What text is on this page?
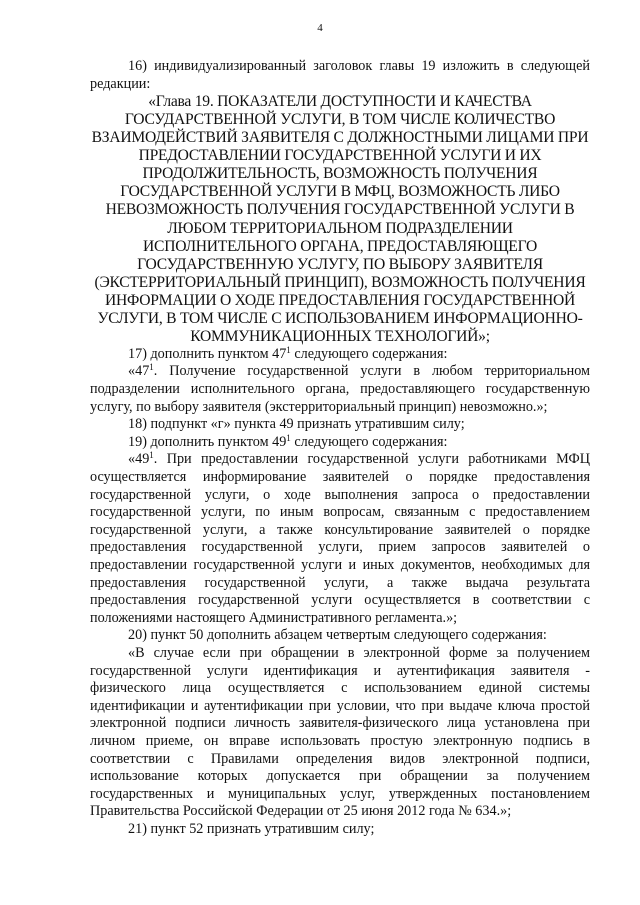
4

16) индивидуализированный заголовок главы 19 изложить в следующей редакции:

«Глава 19. ПОКАЗАТЕЛИ ДОСТУПНОСТИ И КАЧЕСТВА
ГОСУДАРСТВЕННОЙ УСЛУГИ, В ТОМ ЧИСЛЕ КОЛИЧЕСТВО
ВЗАИМОДЕЙСТВИЙ ЗАЯВИТЕЛЯ С ДОЛЖНОСТНЫМИ ЛИЦАМИ ПРИ
ПРЕДОСТАВЛЕНИИ ГОСУДАРСТВЕННОЙ УСЛУГИ И ИХ
ПРОДОЛЖИТЕЛЬНОСТЬ, ВОЗМОЖНОСТЬ ПОЛУЧЕНИЯ
ГОСУДАРСТВЕННОЙ УСЛУГИ В МФЦ, ВОЗМОЖНОСТЬ ЛИБО
НЕВОЗМОЖНОСТЬ ПОЛУЧЕНИЯ ГОСУДАРСТВЕННОЙ УСЛУГИ В
ЛЮБОМ ТЕРРИТОРИАЛЬНОМ ПОДРАЗДЕЛЕНИИ
ИСПОЛНИТЕЛЬНОГО ОРГАНА, ПРЕДОСТАВЛЯЮЩЕГО
ГОСУДАРСТВЕННУЮ УСЛУГУ, ПО ВЫБОРУ ЗАЯВИТЕЛЯ
(ЭКСТЕРРИТОРИАЛЬНЫЙ ПРИНЦИП), ВОЗМОЖНОСТЬ ПОЛУЧЕНИЯ
ИНФОРМАЦИИ О ХОДЕ ПРЕДОСТАВЛЕНИЯ ГОСУДАРСТВЕННОЙ
УСЛУГИ, В ТОМ ЧИСЛЕ С ИСПОЛЬЗОВАНИЕМ ИНФОРМАЦИОННО-
КОММУНИКАЦИОННЫХ ТЕХНОЛОГИЙ»;

17) дополнить пунктом $47^1$ следующего содержания:

«$47^1$. Получение государственной услуги в любом территориальном подразделении исполнительного органа, предоставляющего государственную услугу, по выбору заявителя (экстерриториальный принцип) невозможно.»;

18) подпункт «г» пункта 49 признать утратившим силу;

19) дополнить пунктом $49^1$ следующего содержания:

«$49^1$. При предоставлении государственной услуги работниками МФЦ осуществляется информирование заявителей о порядке предоставления государственной услуги, о ходе выполнения запроса о предоставлении государственной услуги, по иным вопросам, связанным с предоставлением государственной услуги, а также консультирование заявителей о порядке предоставления государственной услуги, прием запросов заявителей о предоставлении государственной услуги и иных документов, необходимых для предоставления государственной услуги, а также выдача результата предоставления государственной услуги осуществляется в соответствии с положениями настоящего Административного регламента.»;

20) пункт 50 дополнить абзацем четвертым следующего содержания:

«В случае если при обращении в электронной форме за получением государственной услуги идентификация и аутентификация заявителя - физического лица осуществляется с использованием единой системы идентификации и аутентификации при условии, что при выдаче ключа простой электронной подписи личность заявителя-физического лица установлена при личном приеме, он вправе использовать простую электронную подпись в соответствии с Правилами определения видов электронной подписи, использование которых допускается при обращении за получением государственных и муниципальных услуг, утвержденных постановлением Правительства Российской Федерации от 25 июня 2012 года № 634.»;

21) пункт 52 признать утратившим силу;
